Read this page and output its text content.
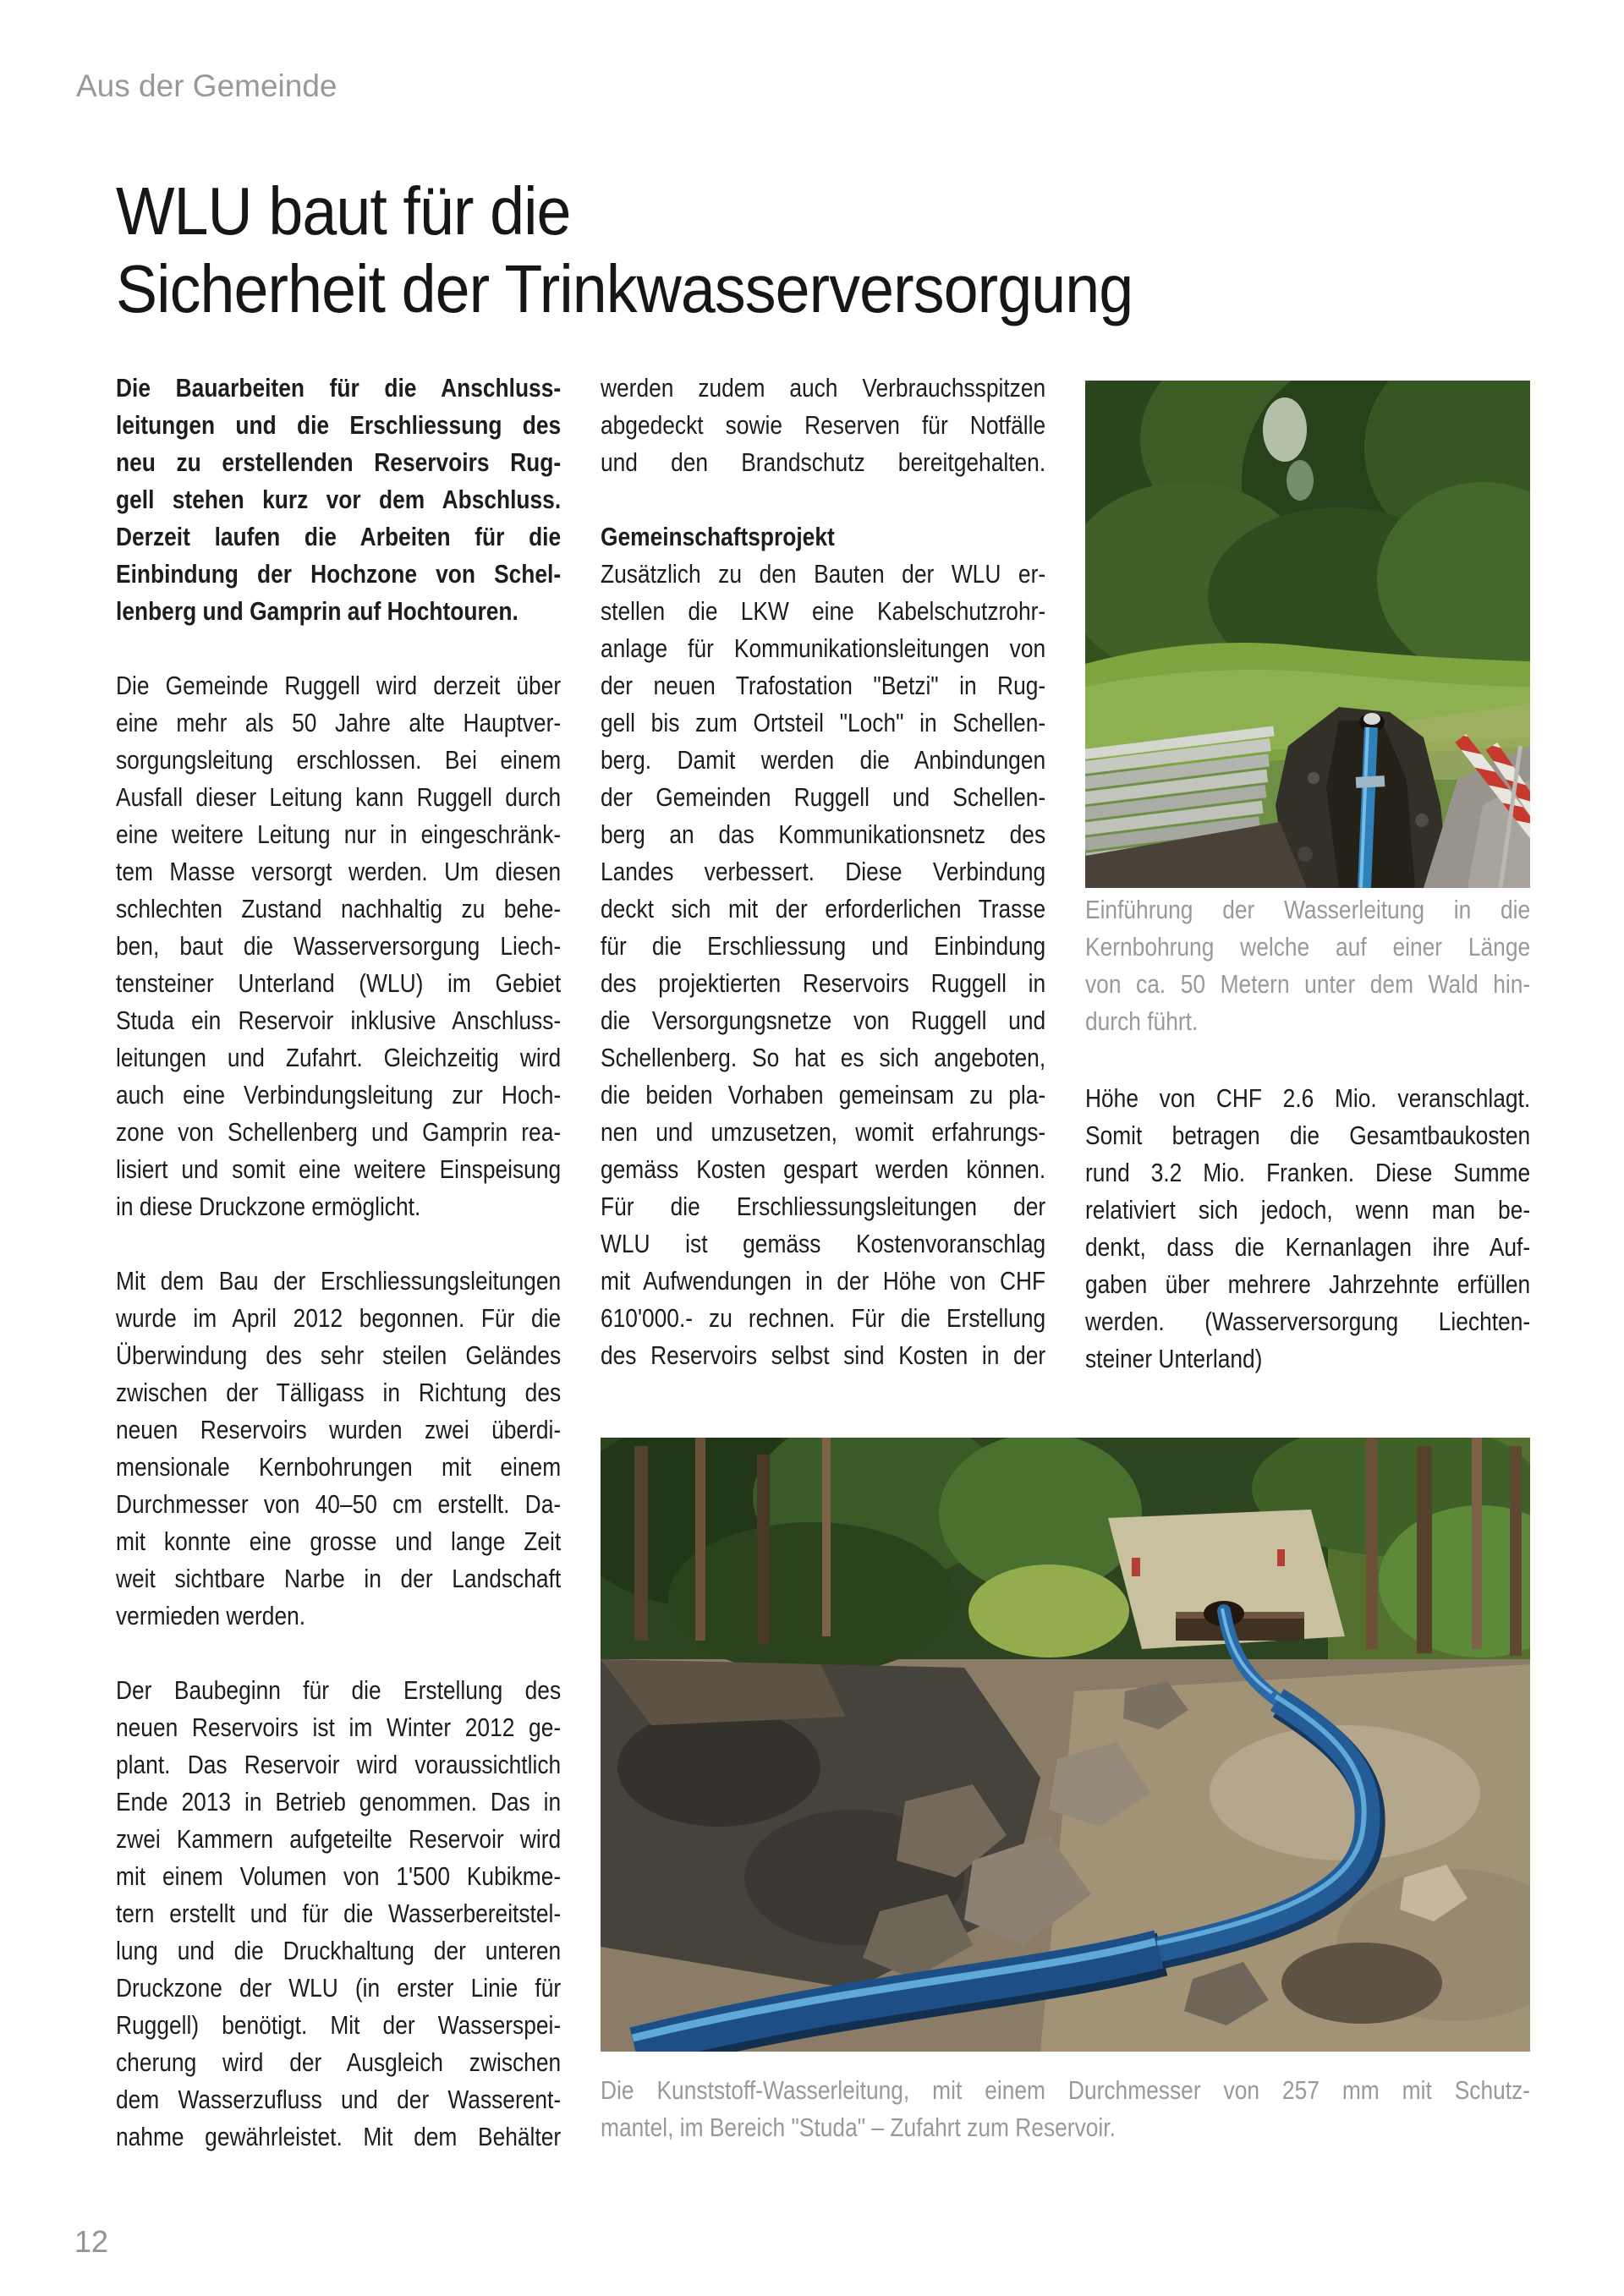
Aus der Gemeinde
WLU baut für die
Sicherheit der Trinkwasserversorgung
Die Bauarbeiten für die Anschluss-
leitungen und die Erschliessung des
neu zu erstellenden Reservoirs Rug-
gell stehen kurz vor dem Abschluss.
Derzeit laufen die Arbeiten für die
Einbindung der Hochzone von Schel-
lenberg und Gamprin auf Hochtouren.

Die Gemeinde Ruggell wird derzeit über
eine mehr als 50 Jahre alte Hauptver-
sorgungsleitung erschlossen. Bei einem
Ausfall dieser Leitung kann Ruggell durch
eine weitere Leitung nur in eingeschränk-
tem Masse versorgt werden. Um diesen
schlechten Zustand nachhaltig zu behe-
ben, baut die Wasserversorgung Liech-
tensteiner Unterland (WLU) im Gebiet
Studa ein Reservoir inklusive Anschluss-
leitungen und Zufahrt. Gleichzeitig wird
auch eine Verbindungsleitung zur Hoch-
zone von Schellenberg und Gamprin rea-
lisiert und somit eine weitere Einspeisung
in diese Druckzone ermöglicht.

Mit dem Bau der Erschliessungsleitungen
wurde im April 2012 begonnen. Für die
Überwindung des sehr steilen Geländes
zwischen der Tälligass in Richtung des
neuen Reservoirs wurden zwei überdi-
mensionale Kernbohrungen mit einem
Durchmesser von 40–50 cm erstellt. Da-
mit konnte eine grosse und lange Zeit
weit sichtbare Narbe in der Landschaft
vermieden werden.

Der Baubeginn für die Erstellung des
neuen Reservoirs ist im Winter 2012 ge-
plant. Das Reservoir wird voraussichtlich
Ende 2013 in Betrieb genommen. Das in
zwei Kammern aufgeteilte Reservoir wird
mit einem Volumen von 1'500 Kubikme-
tern erstellt und für die Wasserbereitstel-
lung und die Druckhaltung der unteren
Druckzone der WLU (in erster Linie für
Ruggell) benötigt. Mit der Wasserspei-
cherung wird der Ausgleich zwischen
dem Wasserzufluss und der Wasserent-
nahme gewährleistet. Mit dem Behälter
werden zudem auch Verbrauchsspitzen
abgedeckt sowie Reserven für Notfälle
und den Brandschutz bereitgehalten.

Gemeinschaftsprojekt
Zusätzlich zu den Bauten der WLU er-
stellen die LKW eine Kabelschutzrohr-
anlage für Kommunikationsleitungen von
der neuen Trafostation "Betzi" in Rug-
gell bis zum Ortsteil "Loch" in Schellen-
berg. Damit werden die Anbindungen
der Gemeinden Ruggell und Schellen-
berg an das Kommunikationsnetz des
Landes verbessert. Diese Verbindung
deckt sich mit der erforderlichen Trasse
für die Erschliessung und Einbindung
des projektierten Reservoirs Ruggell in
die Versorgungsnetze von Ruggell und
Schellenberg. So hat es sich angeboten,
die beiden Vorhaben gemeinsam zu pla-
nen und umzusetzen, womit erfahrungs-
gemäss Kosten gespart werden können.
Für die Erschliessungsleitungen der
WLU ist gemäss Kostenvoranschlag
mit Aufwendungen in der Höhe von CHF
610'000.- zu rechnen. Für die Erstellung
des Reservoirs selbst sind Kosten in der
Einführung der Wasserleitung in die
Kernbohrung welche auf einer Länge
von ca. 50 Metern unter dem Wald hin-
durch führt.
Höhe von CHF 2.6 Mio. veranschlagt.
Somit betragen die Gesamtbaukosten
rund 3.2 Mio. Franken. Diese Summe
relativiert sich jedoch, wenn man be-
denkt, dass die Kernanlagen ihre Auf-
gaben über mehrere Jahrzehnte erfüllen
werden. (Wasserversorgung Liechten-
steiner Unterland)
Die Kunststoff-Wasserleitung, mit einem Durchmesser von 257 mm mit Schutz-
mantel, im Bereich "Studa" – Zufahrt zum Reservoir.
12
